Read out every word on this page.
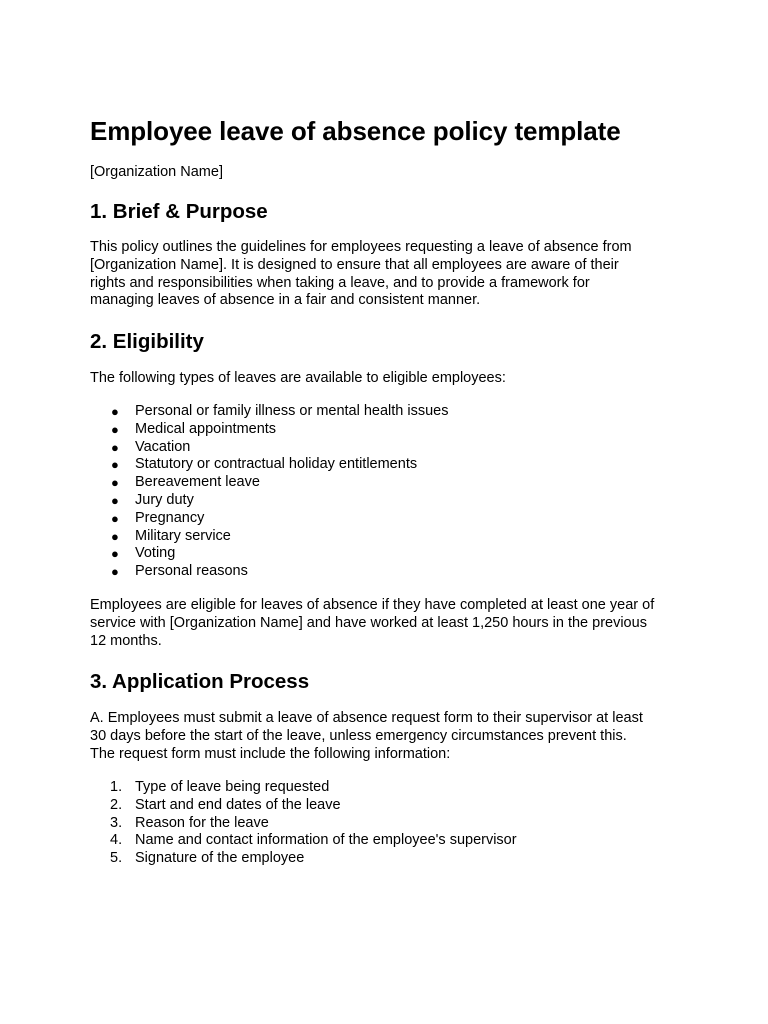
Employee leave of absence policy template

[Organization Name]

1. Brief & Purpose

This policy outlines the guidelines for employees requesting a leave of absence from
[Organization Name]. It is designed to ensure that all employees are aware of their
rights and responsibilities when taking a leave, and to provide a framework for
managing leaves of absence in a fair and consistent manner.

2. Eligibility

The following types of leaves are available to eligible employees:

● Personal or family illness or mental health issues
● Medical appointments
● Vacation
● Statutory or contractual holiday entitlements
● Bereavement leave
● Jury duty
● Pregnancy
● Military service
● Voting
● Personal reasons

Employees are eligible for leaves of absence if they have completed at least one year of
service with [Organization Name] and have worked at least 1,250 hours in the previous
12 months.

3. Application Process

A. Employees must submit a leave of absence request form to their supervisor at least
30 days before the start of the leave, unless emergency circumstances prevent this.
The request form must include the following information:

1. Type of leave being requested
2. Start and end dates of the leave
3. Reason for the leave
4. Name and contact information of the employee's supervisor
5. Signature of the employee
